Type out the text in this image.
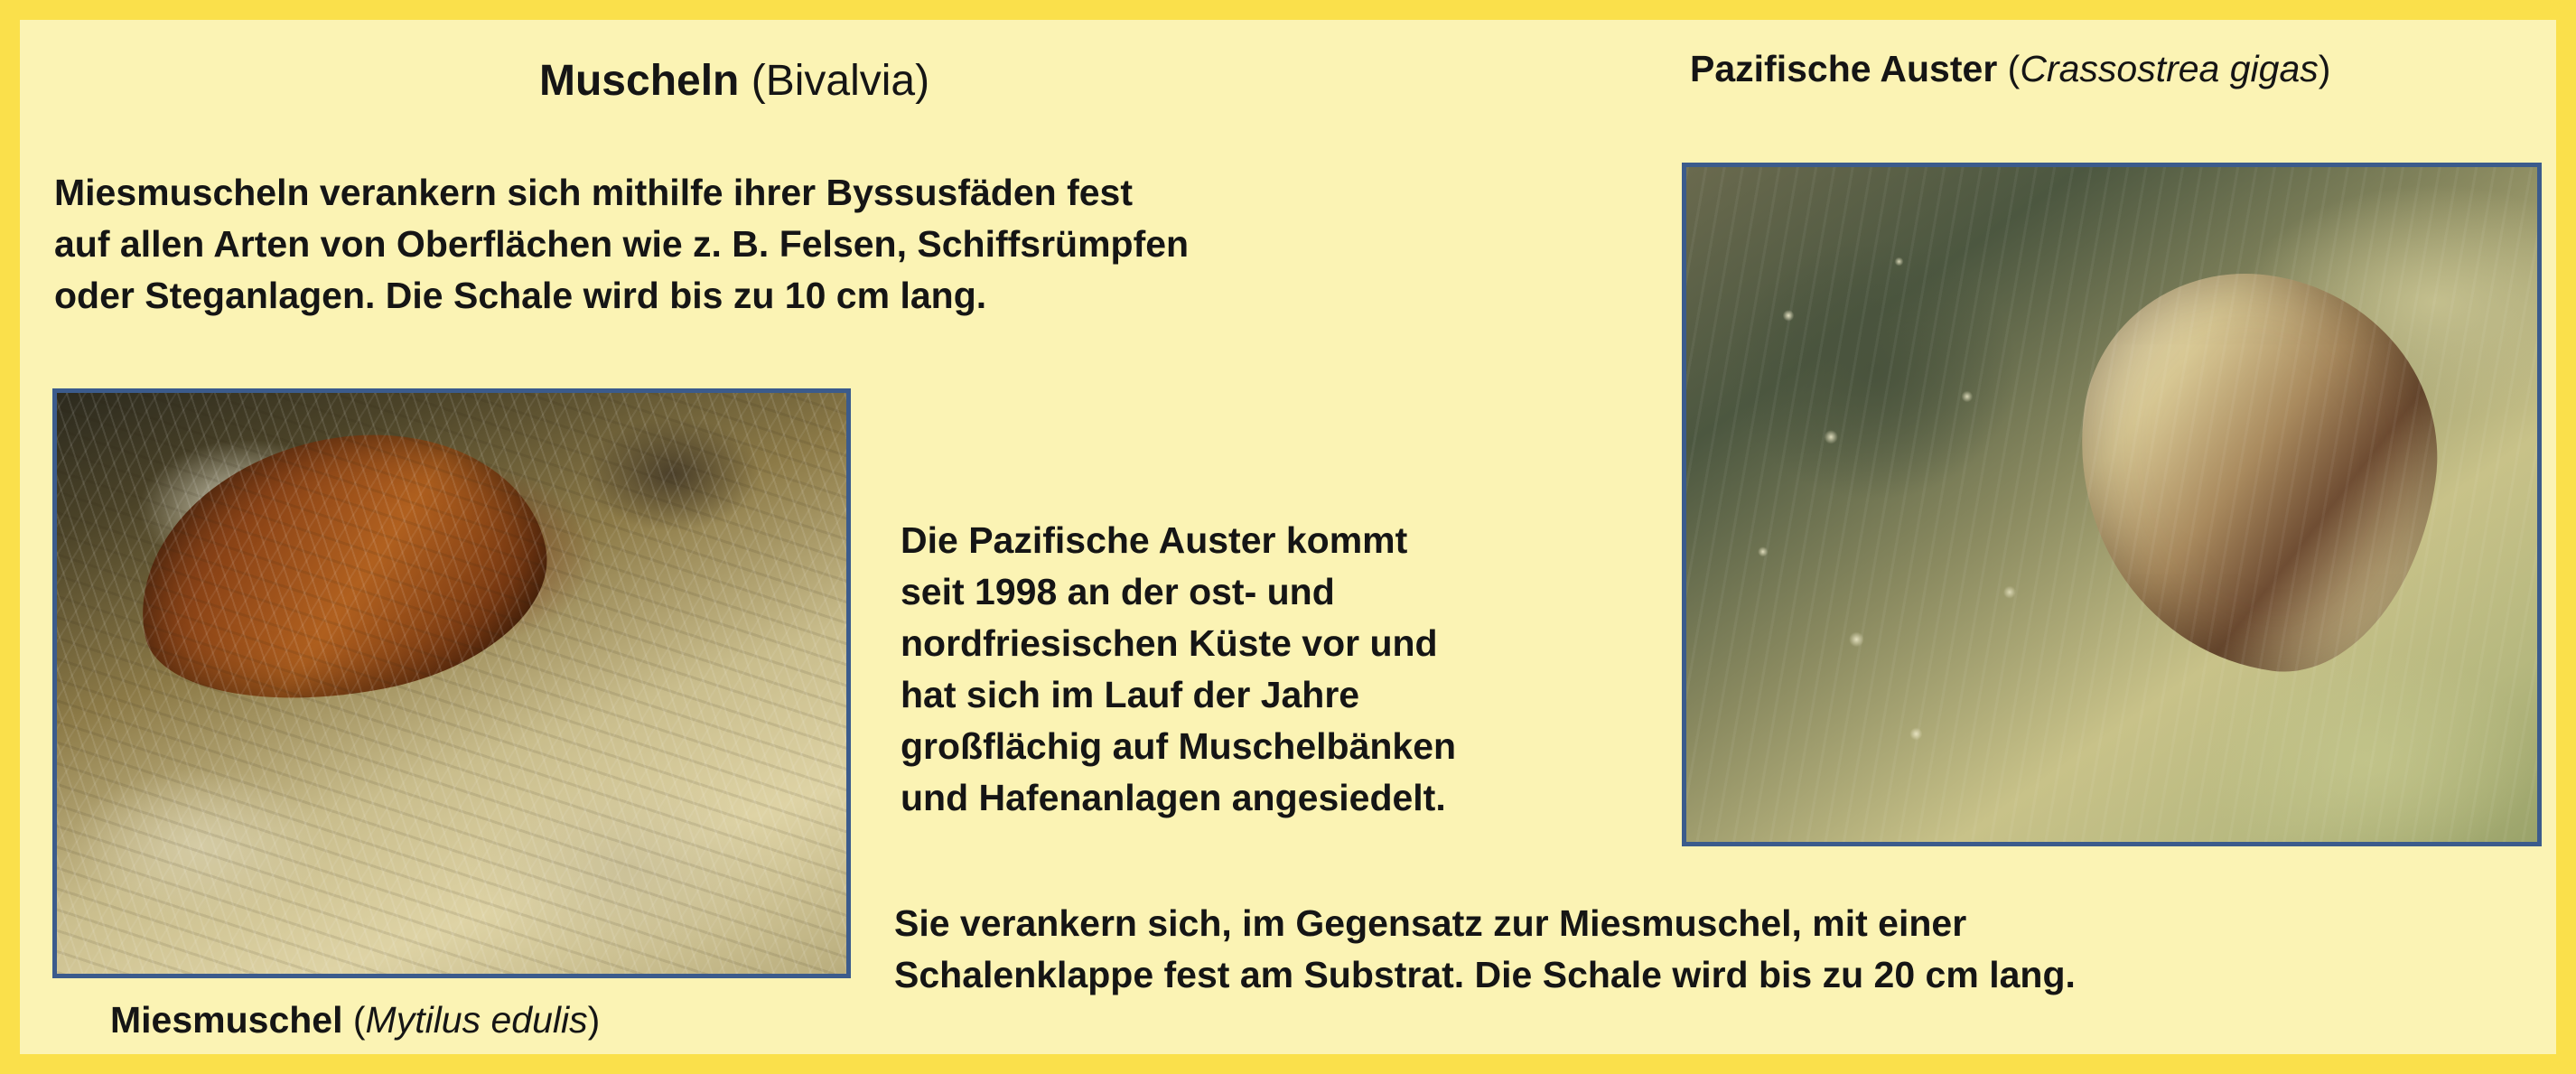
Muscheln (Bivalvia)
Miesmuscheln verankern sich mithilfe ihrer Byssusfäden fest
auf allen Arten von Oberflächen wie z. B. Felsen, Schiffsrümpfen
oder Steganlagen. Die Schale wird bis zu 10 cm lang.
Miesmuschel (Mytilus edulis)
Pazifische Auster (Crassostrea gigas)
Die Pazifische Auster kommt
seit 1998 an der ost- und
nordfriesischen Küste vor und
hat sich im Lauf der Jahre
großflächig auf Muschelbänken
und Hafenanlagen angesiedelt.
Sie verankern sich, im Gegensatz zur Miesmuschel, mit einer
Schalenklappe fest am Substrat. Die Schale wird bis zu 20 cm lang.
